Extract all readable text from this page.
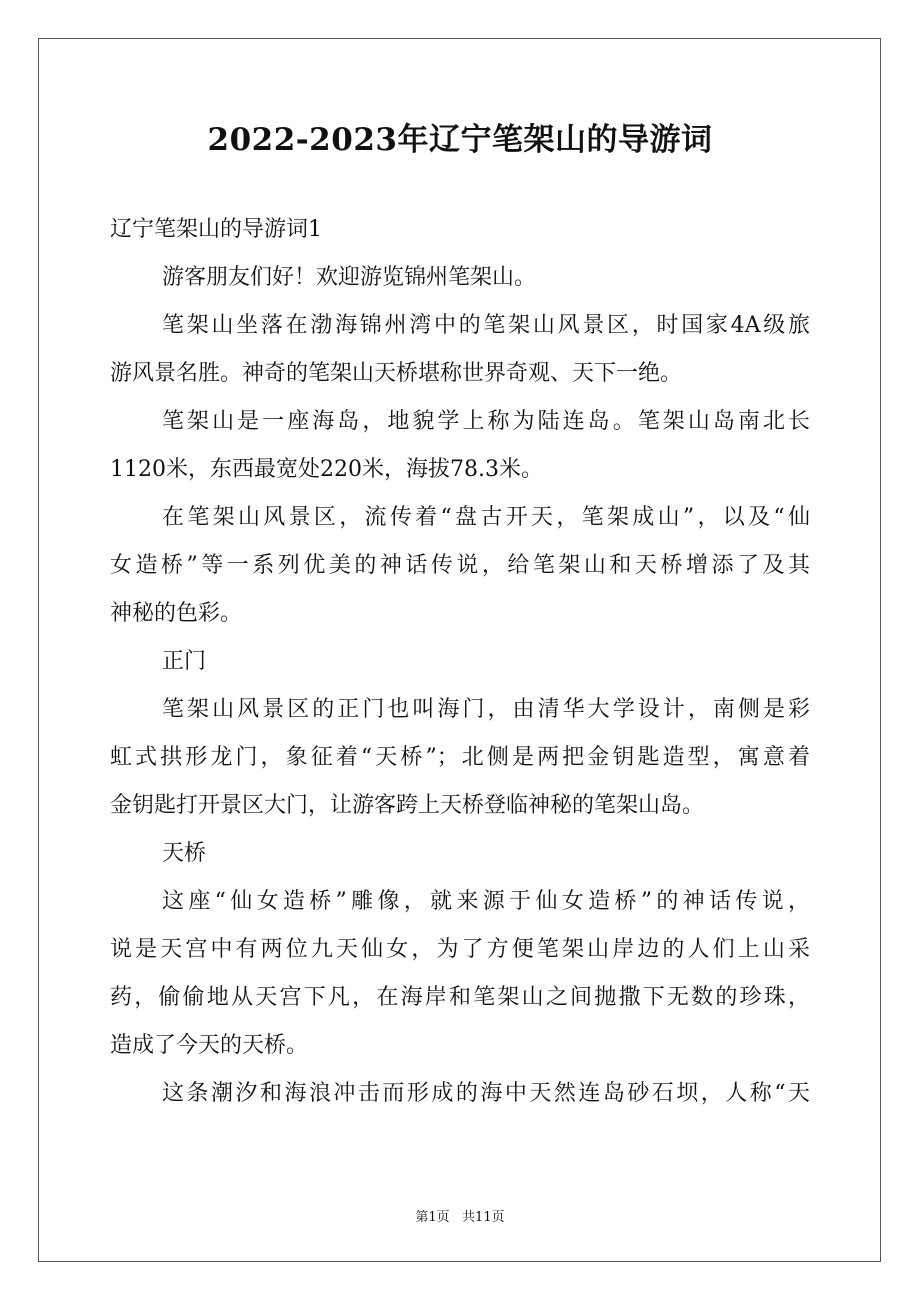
2022-2023年辽宁笔架山的导游词
辽宁笔架山的导游词1
游客朋友们好！欢迎游览锦州笔架山。
笔架山坐落在渤海锦州湾中的笔架山风景区，时国家4A级旅
游风景名胜。神奇的笔架山天桥堪称世界奇观、天下一绝。
笔架山是一座海岛，地貌学上称为陆连岛。笔架山岛南北长
1120米，东西最宽处220米，海拔78.3米。
在笔架山风景区，流传着“盘古开天，笔架成山”，以及“仙
女造桥”等一系列优美的神话传说，给笔架山和天桥增添了及其
神秘的色彩。
正门
笔架山风景区的正门也叫海门，由清华大学设计，南侧是彩
虹式拱形龙门，象征着“天桥”；北侧是两把金钥匙造型，寓意着
金钥匙打开景区大门，让游客跨上天桥登临神秘的笔架山岛。
天桥
这座“仙女造桥”雕像，就来源于仙女造桥”的神话传说，
说是天宫中有两位九天仙女，为了方便笔架山岸边的人们上山采
药，偷偷地从天宫下凡，在海岸和笔架山之间抛撒下无数的珍珠，
造成了今天的天桥。
这条潮汐和海浪冲击而形成的海中天然连岛砂石坝，人称“天
第1页   共11页
